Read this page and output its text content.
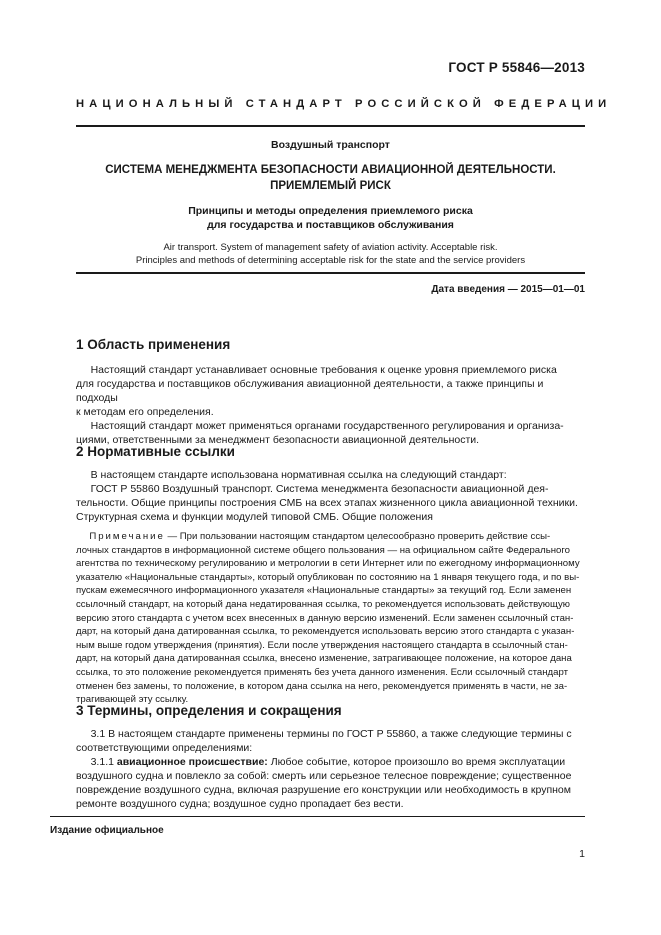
ГОСТ Р 55846—2013
НАЦИОНАЛЬНЫЙ СТАНДАРТ РОССИЙСКОЙ ФЕДЕРАЦИИ
Воздушный транспорт
СИСТЕМА МЕНЕДЖМЕНТА БЕЗОПАСНОСТИ АВИАЦИОННОЙ ДЕЯТЕЛЬНОСТИ.
ПРИЕМЛЕМЫЙ РИСК
Принципы и методы определения приемлемого риска
для государства и поставщиков обслуживания
Air transport. System of management safety of aviation activity. Acceptable risk.
Principles and methods of determining acceptable risk for the state and the service providers
Дата введения — 2015—01—01
1 Область применения
Настоящий стандарт устанавливает основные требования к оценке уровня приемлемого риска
для государства и поставщиков обслуживания авиационной деятельности, а также принципы и подходы
к методам его определения.
Настоящий стандарт может применяться органами государственного регулирования и организа-
циями, ответственными за менеджмент безопасности авиационной деятельности.
2 Нормативные ссылки
В настоящем стандарте использована нормативная ссылка на следующий стандарт:
ГОСТ Р 55860 Воздушный транспорт. Система менеджмента безопасности авиационной дея-
тельности. Общие принципы построения СМБ на всех этапах жизненного цикла авиационной техники.
Структурная схема и функции модулей типовой СМБ. Общие положения
Примечание — При пользовании настоящим стандартом целесообразно проверить действие ссы-
лочных стандартов в информационной системе общего пользования — на официальном сайте Федерального
агентства по техническому регулированию и метрологии в сети Интернет или по ежегодному информационному
указателю «Национальные стандарты», который опубликован по состоянию на 1 января текущего года, и по вы-
пускам ежемесячного информационного указателя «Национальные стандарты» за текущий год. Если заменен
ссылочный стандарт, на который дана недатированная ссылка, то рекомендуется использовать действующую
версию этого стандарта с учетом всех внесенных в данную версию изменений. Если заменен ссылочный стан-
дарт, на который дана датированная ссылка, то рекомендуется использовать версию этого стандарта с указан-
ным выше годом утверждения (принятия). Если после утверждения настоящего стандарта в ссылочный стан-
дарт, на который дана датированная ссылка, внесено изменение, затрагивающее положение, на которое дана
ссылка, то это положение рекомендуется применять без учета данного изменения. Если ссылочный стандарт
отменен без замены, то положение, в котором дана ссылка на него, рекомендуется применять в части, не за-
трагивающей эту ссылку.
3 Термины, определения и сокращения
3.1 В настоящем стандарте применены термины по ГОСТ Р 55860, а также следующие термины с
соответствующими определениями:
3.1.1 авиационное происшествие: Любое событие, которое произошло во время эксплуатации
воздушного судна и повлекло за собой: смерть или серьезное телесное повреждение; существенное
повреждение воздушного судна, включая разрушение его конструкции или необходимость в крупном
ремонте воздушного судна; воздушное судно пропадает без вести.
Издание официальное
1
